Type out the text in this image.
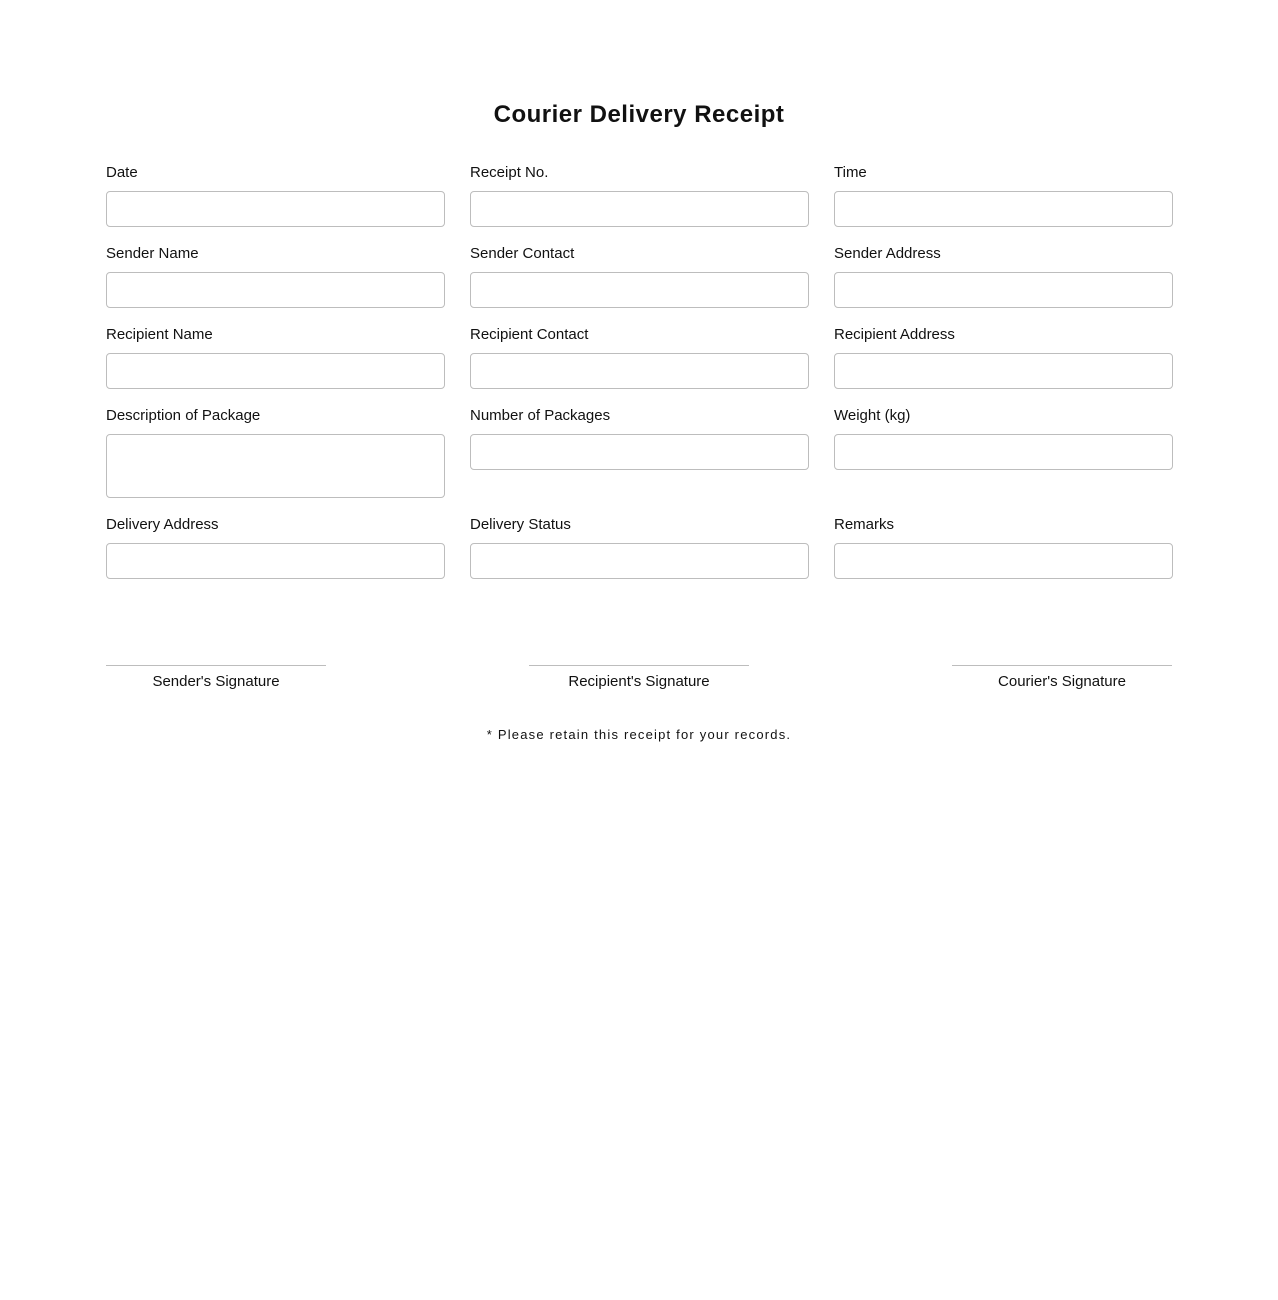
Courier Delivery Receipt
Date	Receipt No.	Time
Sender Name	Sender Contact	Sender Address
Recipient Name	Recipient Contact	Recipient Address
Description of Package	Number of Packages	Weight (kg)
Delivery Address	Delivery Status	Remarks
Sender's Signature	Recipient's Signature	Courier's Signature
* Please retain this receipt for your records.
